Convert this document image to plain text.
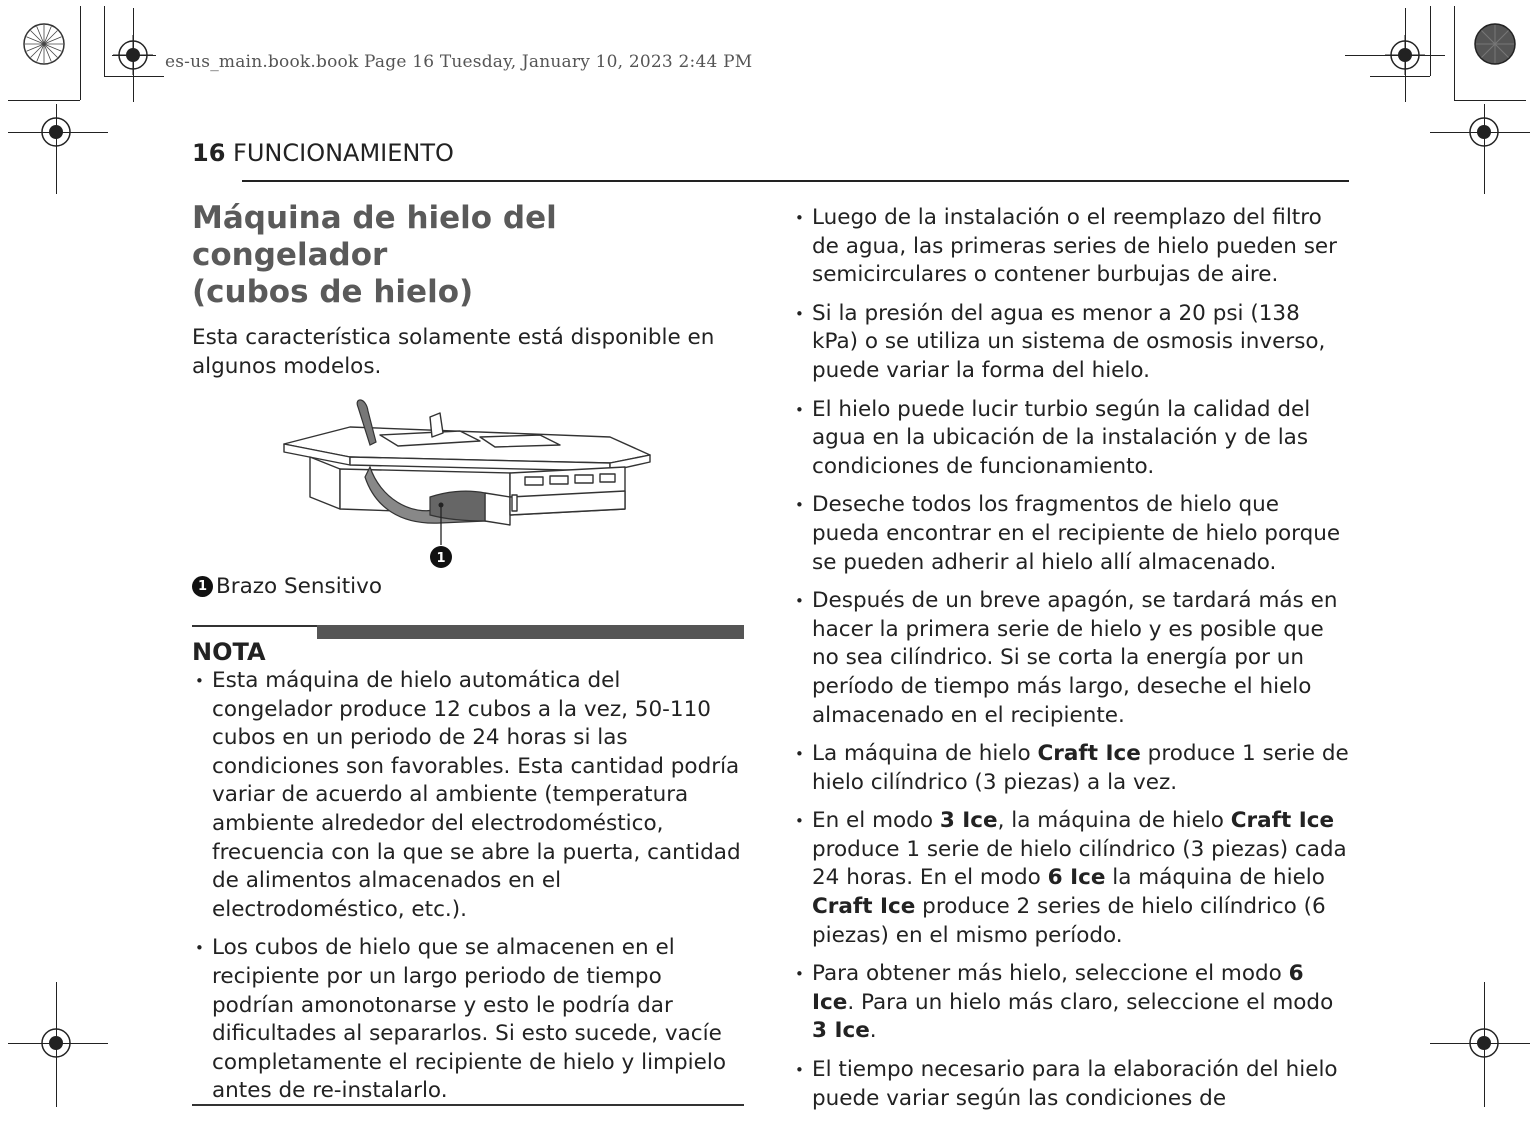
es-us_main.book.book Page 16 Tuesday, January 10, 2023 2:44 PM
16 FUNCIONAMIENTO
Máquina de hielo del congelador
(cubos de hielo)

Esta característica solamente está disponible en algunos modelos.

1

1 Brazo Sensitivo

NOTA
• Esta máquina de hielo automática del congelador produce 12 cubos a la vez, 50-110 cubos en un periodo de 24 horas si las condiciones son favorables. Esta cantidad podría variar de acuerdo al ambiente (temperatura ambiente alrededor del electrodoméstico, frecuencia con la que se abre la puerta, cantidad de alimentos almacenados en el electrodoméstico, etc.).
• Los cubos de hielo que se almacenen en el recipiente por un largo periodo de tiempo podrían amonotonarse y esto le podría dar dificultades al separarlos. Si esto sucede, vacíe completamente el recipiente de hielo y limpielo antes de re-instalarlo.
• Luego de la instalación o el reemplazo del filtro de agua, las primeras series de hielo pueden ser semicirculares o contener burbujas de aire.
• Si la presión del agua es menor a 20 psi (138 kPa) o se utiliza un sistema de osmosis inverso, puede variar la forma del hielo.
• El hielo puede lucir turbio según la calidad del agua en la ubicación de la instalación y de las condiciones de funcionamiento.
• Deseche todos los fragmentos de hielo que pueda encontrar en el recipiente de hielo porque se pueden adherir al hielo allí almacenado.
• Después de un breve apagón, se tardará más en hacer la primera serie de hielo y es posible que no sea cilíndrico. Si se corta la energía por un período de tiempo más largo, deseche el hielo almacenado en el recipiente.
• La máquina de hielo Craft Ice produce 1 serie de hielo cilíndrico (3 piezas) a la vez.
• En el modo 3 Ice, la máquina de hielo Craft Ice produce 1 serie de hielo cilíndrico (3 piezas) cada 24 horas. En el modo 6 Ice la máquina de hielo Craft Ice produce 2 series de hielo cilíndrico (6 piezas) en el mismo período.
• Para obtener más hielo, seleccione el modo 6 Ice. Para un hielo más claro, seleccione el modo 3 Ice.
• El tiempo necesario para la elaboración del hielo puede variar según las condiciones de
